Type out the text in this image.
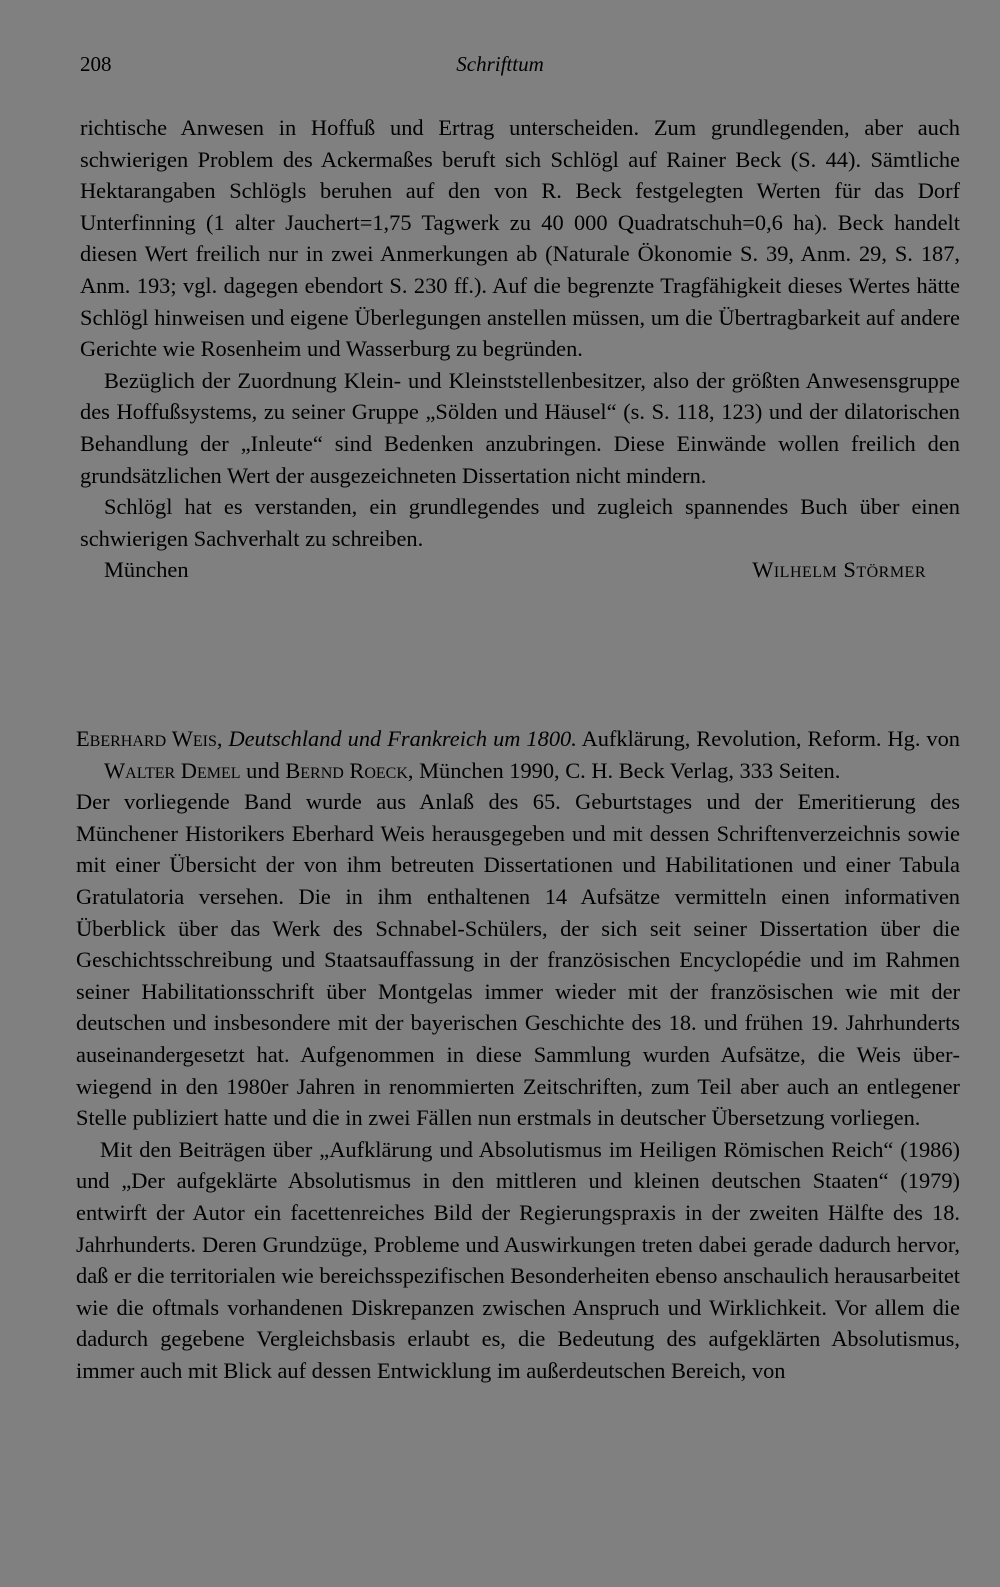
208	Schrifttum

richtische Anwesen in Hoffuß und Ertrag unterscheiden. Zum grundlegenden, aber auch schwierigen Problem des Ackermaßes beruft sich Schlögl auf Rainer Beck (S. 44). Sämtliche Hektarangaben Schlögls beruhen auf den von R. Beck festgelegten Werten für das Dorf Unterfinning (1 alter Jauchert=1,75 Tagwerk zu 40 000 Quadratschuh=0,6 ha). Beck handelt diesen Wert freilich nur in zwei Anmerkungen ab (Naturale Ökonomie S. 39, Anm. 29, S. 187, Anm. 193; vgl. dagegen ebendort S. 230 ff.). Auf die begrenzte Tragfähigkeit dieses Wertes hätte Schlögl hinweisen und eigene Überlegungen anstellen müssen, um die Übertragbarkeit auf andere Gerichte wie Rosenheim und Wasserburg zu begründen.

Bezüglich der Zuordnung Klein- und Kleinststellenbesitzer, also der größten Anwesensgruppe des Hoffußsystems, zu seiner Gruppe „Sölden und Häusel“ (s. S. 118, 123) und der dilatorischen Behandlung der „Inleute“ sind Bedenken anzubringen. Diese Einwände wollen freilich den grundsätzlichen Wert der ausgezeichneten Dissertation nicht mindern.

Schlögl hat es verstanden, ein grundlegendes und zugleich spannendes Buch über einen schwierigen Sachverhalt zu schreiben.

München	Wilhelm Störmer

Eberhard Weis, Deutschland und Frankreich um 1800. Aufklärung, Revolution, Reform. Hg. von Walter Demel und Bernd Roeck, München 1990, C. H. Beck Verlag, 333 Seiten.

Der vorliegende Band wurde aus Anlaß des 65. Geburtstages und der Emeritierung des Münchener Historikers Eberhard Weis herausgegeben und mit dessen Schriftenverzeichnis sowie mit einer Übersicht der von ihm betreuten Dissertationen und Habilitationen und einer Tabula Gratulatoria versehen. Die in ihm enthaltenen 14 Aufsätze vermitteln einen informativen Überblick über das Werk des Schnabel-Schülers, der sich seit seiner Dissertation über die Geschichtsschreibung und Staatsauffassung in der französischen Encyclopédie und im Rahmen seiner Habilitationsschrift über Montgelas immer wieder mit der französischen wie mit der deutschen und insbesondere mit der bayerischen Geschichte des 18. und frühen 19. Jahrhunderts auseinandergesetzt hat. Aufgenommen in diese Sammlung wurden Aufsätze, die Weis überwiegend in den 1980er Jahren in renommierten Zeitschriften, zum Teil aber auch an entlegener Stelle publiziert hatte und die in zwei Fällen nun erstmals in deutscher Übersetzung vorliegen.

Mit den Beiträgen über „Aufklärung und Absolutismus im Heiligen Römischen Reich“ (1986) und „Der aufgeklärte Absolutismus in den mittleren und kleinen deutschen Staaten“ (1979) entwirft der Autor ein facettenreiches Bild der Regierungspraxis in der zweiten Hälfte des 18. Jahrhunderts. Deren Grundzüge, Probleme und Auswirkungen treten dabei gerade dadurch hervor, daß er die territorialen wie bereichsspezifischen Besonderheiten ebenso anschaulich herausarbeitet wie die oftmals vorhandenen Diskrepanzen zwischen Anspruch und Wirklichkeit. Vor allem die dadurch gegebene Vergleichsbasis erlaubt es, die Bedeutung des aufgeklärten Absolutismus, immer auch mit Blick auf dessen Entwicklung im außerdeutschen Bereich, von
